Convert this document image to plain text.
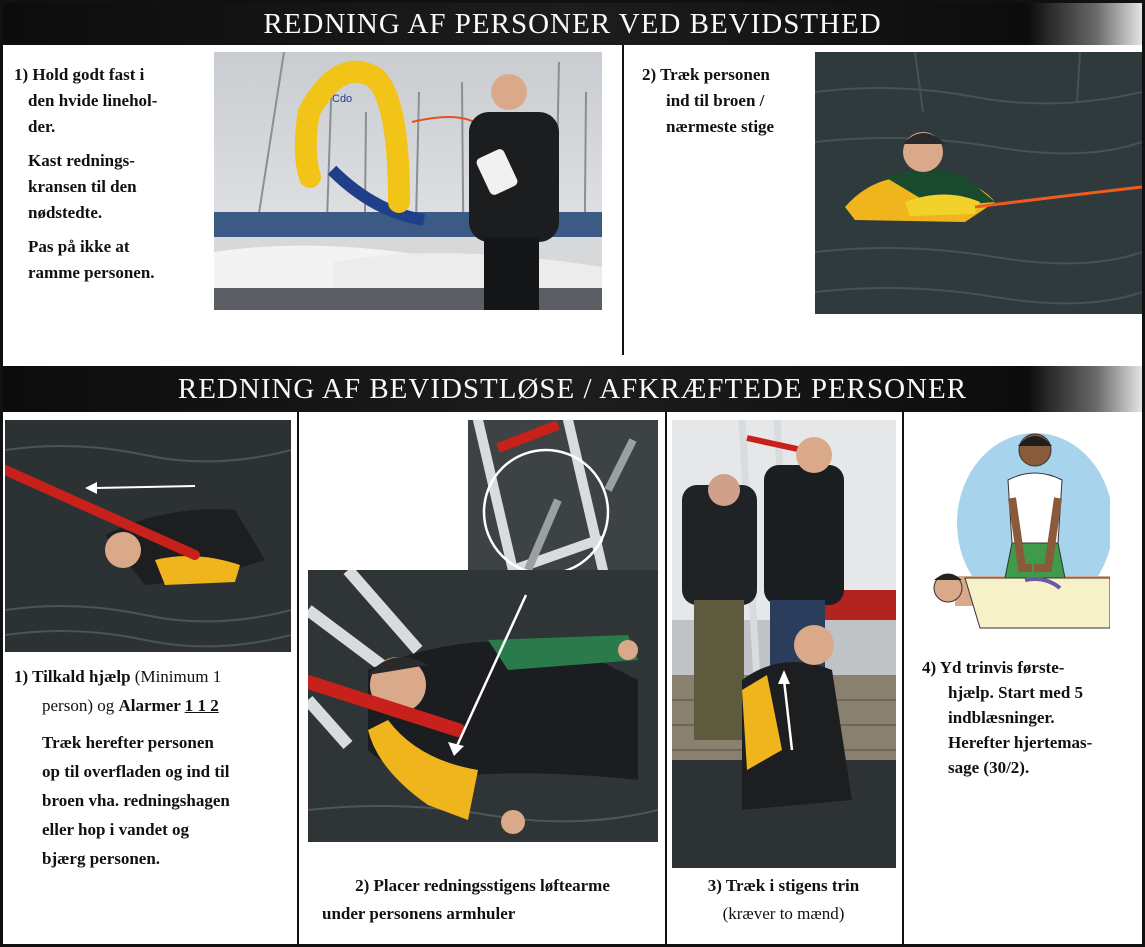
REDNING AF PERSONER VED BEVIDSTHED
1) Hold godt fast i
den hvide linehol-
der.
Kast rednings-
kransen til den
nødstedte.
Pas på ikke at
ramme personen.
Cdo
2) Træk personen
ind til broen /
nærmeste stige
REDNING AF BEVIDSTLØSE / AFKRÆFTEDE PERSONER
1) Tilkald hjælp (Minimum 1
person) og Alarmer 1 1 2
Træk herefter personen
op til overfladen og ind til
broen vha. redningshagen
eller hop i vandet og
bjærg personen.
2) Placer redningsstigens løftearme
under personens armhuler
3) Træk i stigens trin
(kræver to mænd)
4) Yd trinvis første-
hjælp. Start med 5
indblæsninger.
Herefter hjertemas-
sage (30/2).
